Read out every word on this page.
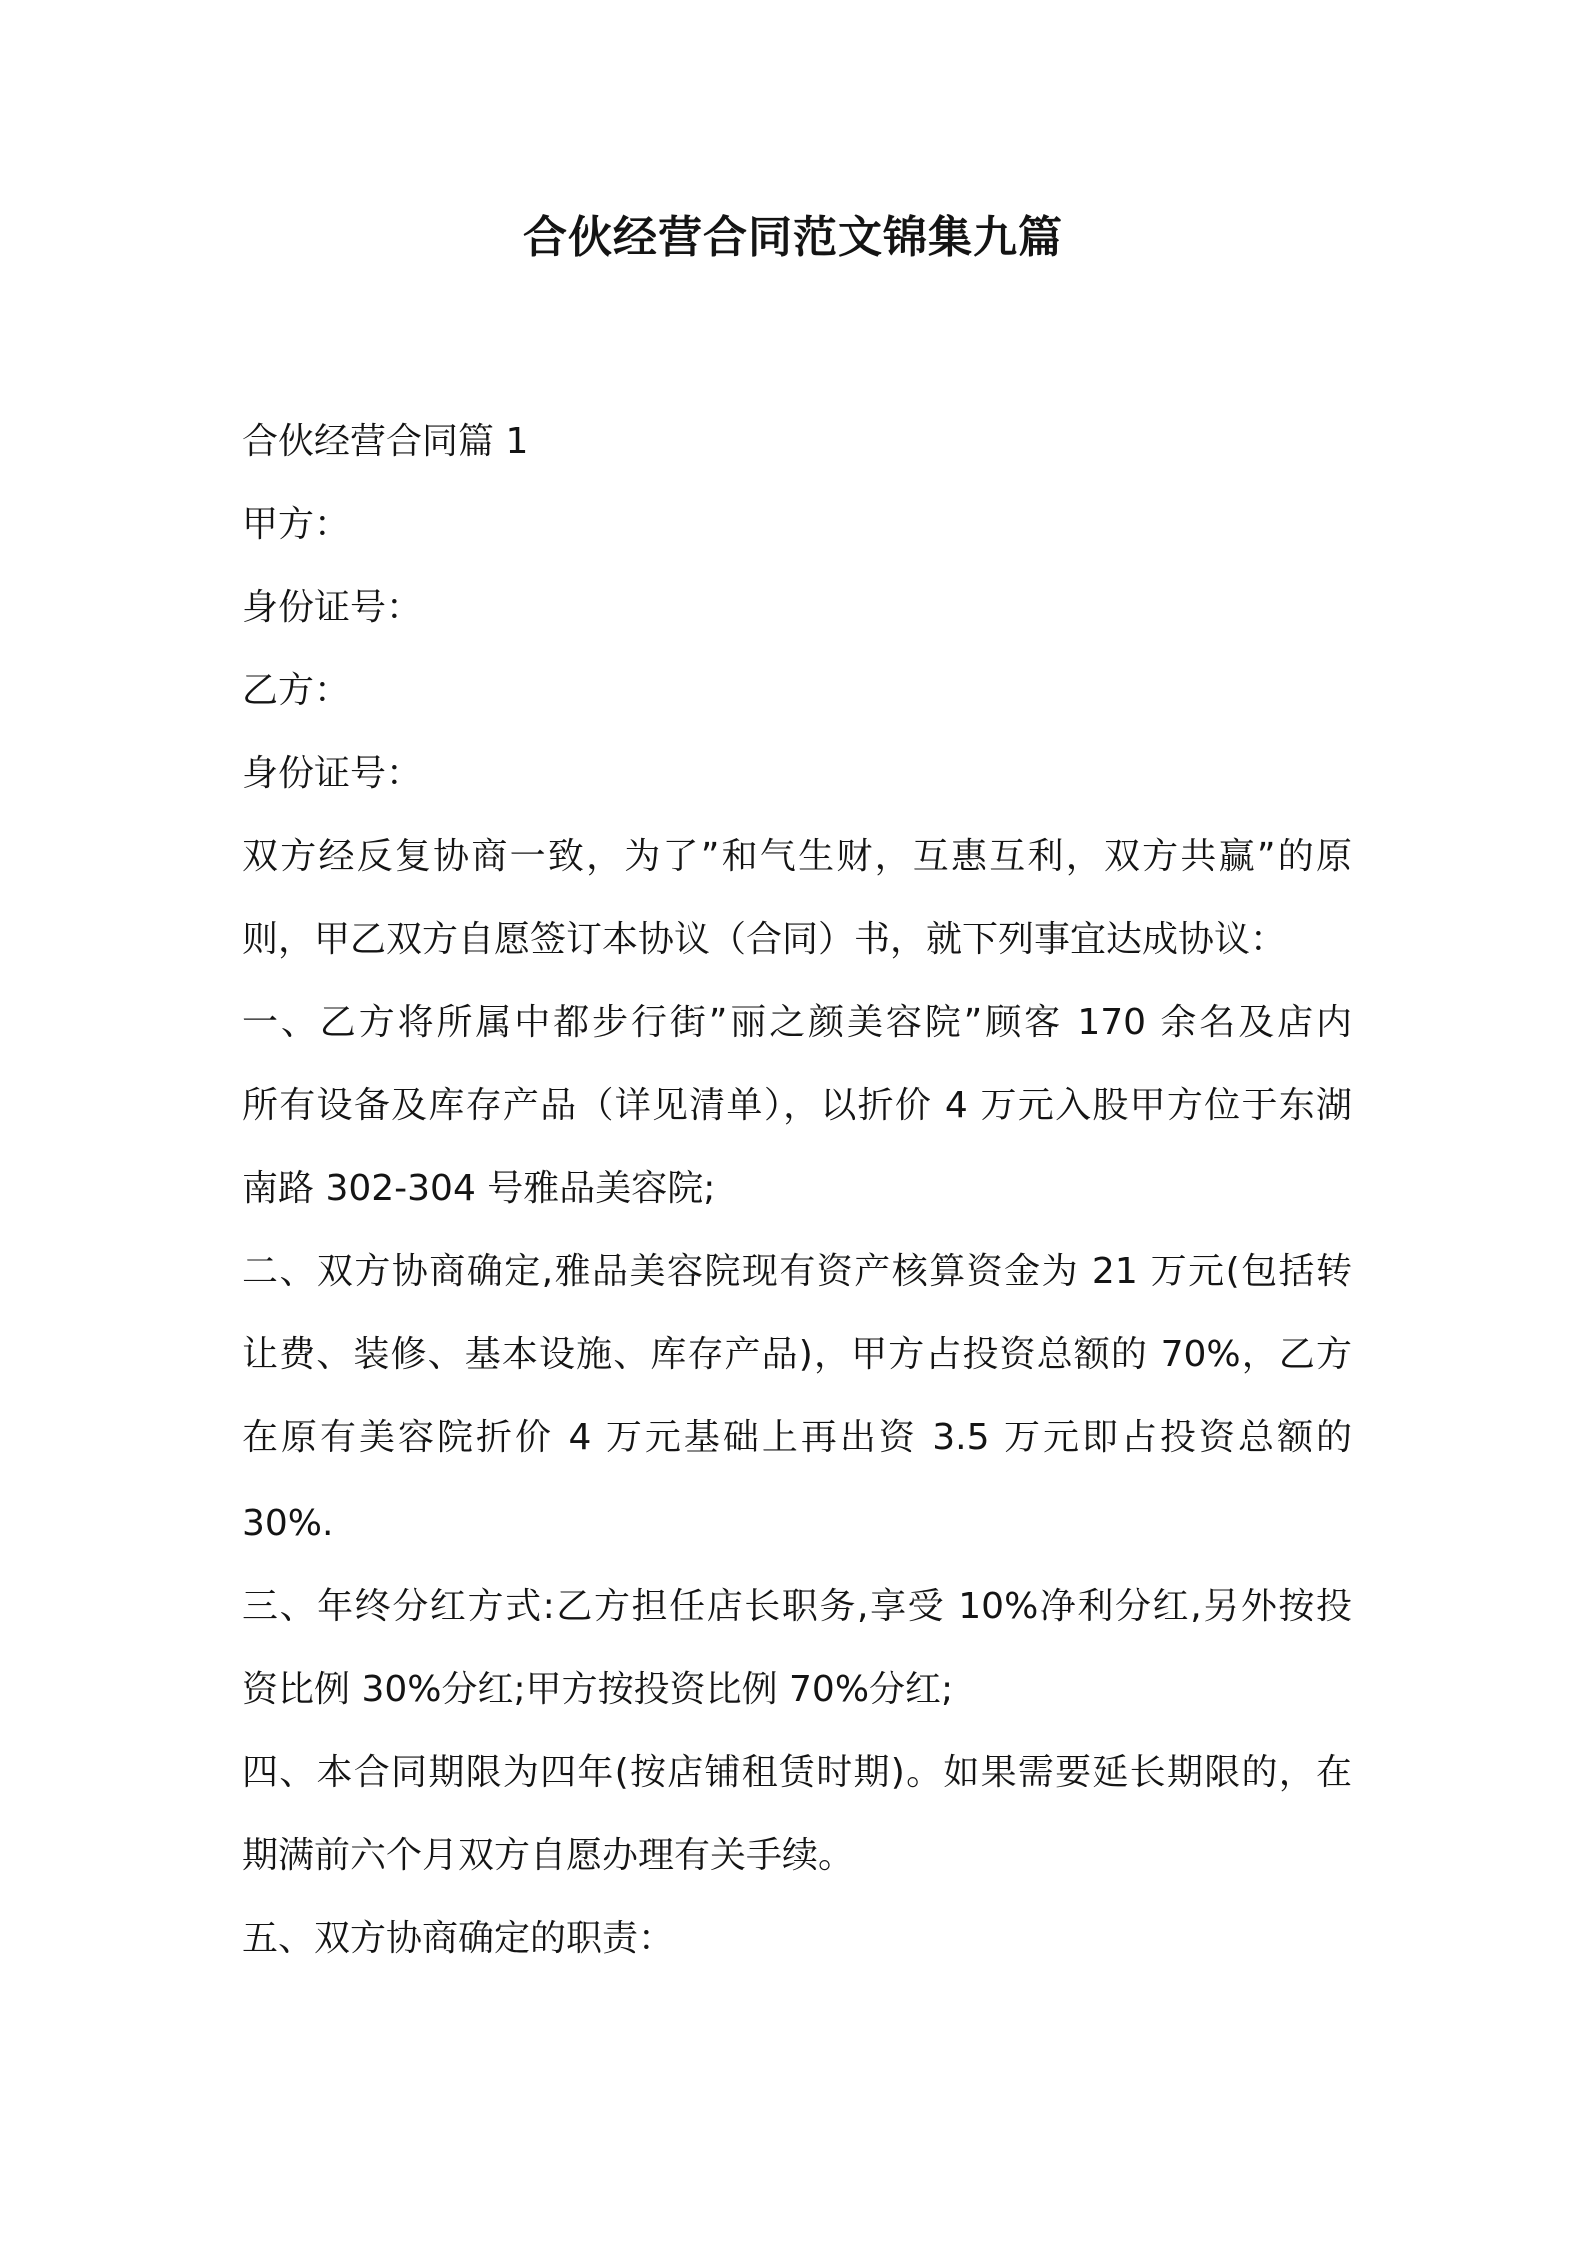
合伙经营合同范文锦集九篇
合伙经营合同篇 1
甲方：
身份证号：
乙方：
身份证号：
双方经反复协商一致，为了”和气生财，互惠互利，双方共赢”的原
则，甲乙双方自愿签订本协议（合同）书，就下列事宜达成协议：
一、乙方将所属中都步行街”丽之颜美容院”顾客 170 余名及店内
所有设备及库存产品（详见清单），以折价 4 万元入股甲方位于东湖
南路 302-304 号雅品美容院;
二、双方协商确定,雅品美容院现有资产核算资金为 21 万元(包括转
让费、装修、基本设施、库存产品)，甲方占投资总额的 70%，乙方
在原有美容院折价 4 万元基础上再出资 3.5 万元即占投资总额的
30%.
三、年终分红方式:乙方担任店长职务,享受 10%净利分红,另外按投
资比例 30%分红;甲方按投资比例 70%分红;
四、本合同期限为四年(按店铺租赁时期)。如果需要延长期限的，在
期满前六个月双方自愿办理有关手续。
五、双方协商确定的职责：
